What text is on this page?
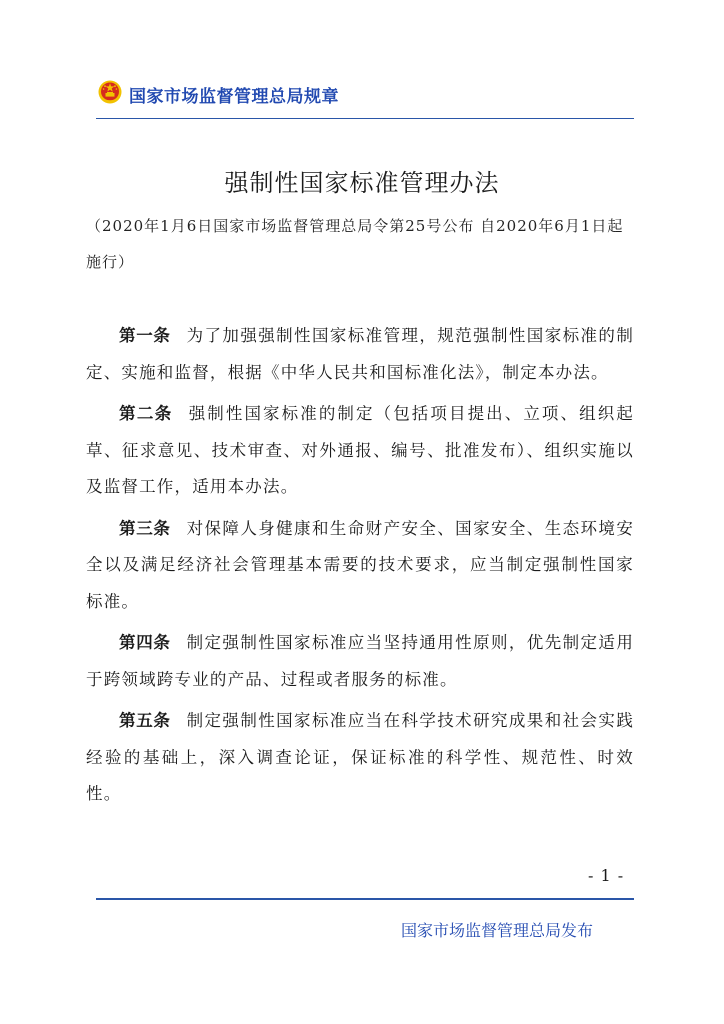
国家市场监督管理总局规章
强制性国家标准管理办法
（2020年1月6日国家市场监督管理总局令第25号公布 自2020年6月1日起施行）

第一条 为了加强强制性国家标准管理，规范强制性国家标准的制定、实施和监督，根据《中华人民共和国标准化法》，制定本办法。

第二条 强制性国家标准的制定（包括项目提出、立项、组织起草、征求意见、技术审查、对外通报、编号、批准发布）、组织实施以及监督工作，适用本办法。

第三条 对保障人身健康和生命财产安全、国家安全、生态环境安全以及满足经济社会管理基本需要的技术要求，应当制定强制性国家标准。

第四条 制定强制性国家标准应当坚持通用性原则，优先制定适用于跨领域跨专业的产品、过程或者服务的标准。

第五条 制定强制性国家标准应当在科学技术研究成果和社会实践经验的基础上，深入调查论证，保证标准的科学性、规范性、时效性。

- 1 -
国家市场监督管理总局发布
